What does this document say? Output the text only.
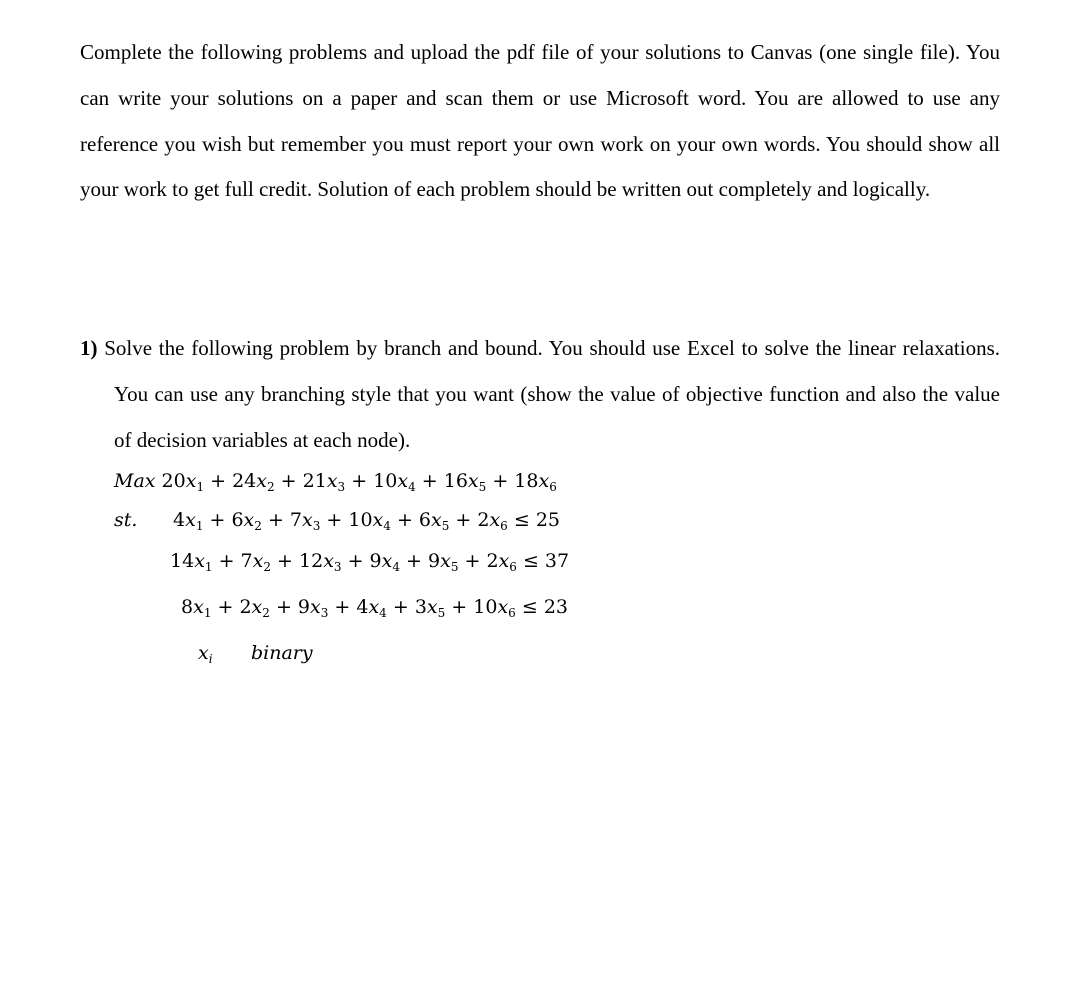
Complete the following problems and upload the pdf file of your solutions to Canvas (one single file). You can write your solutions on a paper and scan them or use Microsoft word. You are allowed to use any reference you wish but remember you must report your own work on your own words. You should show all your work to get full credit. Solution of each problem should be written out completely and logically.

1) Solve the following problem by branch and bound. You should use Excel to solve the linear relaxations. You can use any branching style that you want (show the value of objective function and also the value of decision variables at each node).

Max $20x_1 + 24x_2 + 21x_3 + 10x_4 + 16x_5 + 18x_6$
st. $4x_1 + 6x_2 + 7x_3 + 10x_4 + 6x_5 + 2x_6 \le 25$
$14x_1 + 7x_2 + 12x_3 + 9x_4 + 9x_5 + 2x_6 \le 37$
$8x_1 + 2x_2 + 9x_3 + 4x_4 + 3x_5 + 10x_6 \le 23$
$x_i$ binary
